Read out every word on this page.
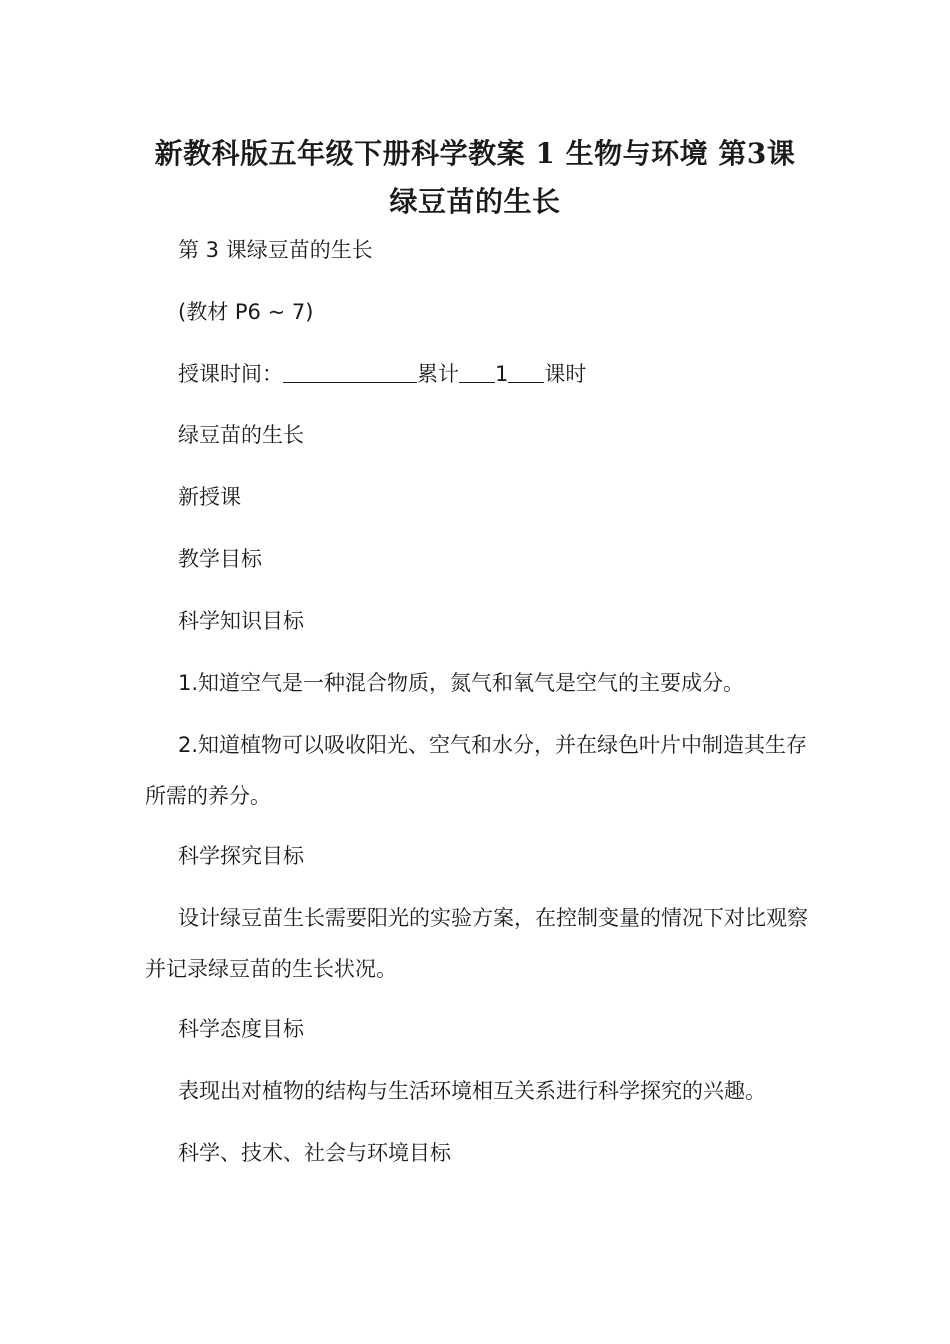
新教科版五年级下册科学教案 1 生物与环境 第3课
绿豆苗的生长

第 3 课绿豆苗的生长

(教材 P6 ~ 7)

授课时间：	累计 1 课时

绿豆苗的生长

新授课

教学目标

科学知识目标

1.知道空气是一种混合物质，氮气和氧气是空气的主要成分。

2.知道植物可以吸收阳光、空气和水分，并在绿色叶片中制造其生存所需的养分。

科学探究目标

设计绿豆苗生长需要阳光的实验方案，在控制变量的情况下对比观察并记录绿豆苗的生长状况。

科学态度目标

表现出对植物的结构与生活环境相互关系进行科学探究的兴趣。

科学、技术、社会与环境目标
